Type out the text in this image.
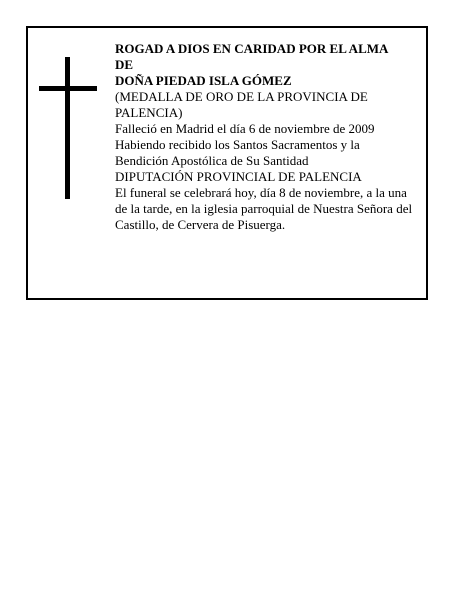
ROGAD A DIOS EN CARIDAD POR EL ALMA
DE
DOÑA PIEDAD ISLA GÓMEZ
(MEDALLA DE ORO DE LA PROVINCIA DE PALENCIA)
Falleció en Madrid el día 6 de noviembre de 2009
Habiendo recibido los Santos Sacramentos y la Bendición Apostólica de Su Santidad
DIPUTACIÓN PROVINCIAL DE PALENCIA
El funeral se celebrará hoy, día 8 de noviembre, a la una de la tarde, en la iglesia parroquial de Nuestra Señora del Castillo, de Cervera de Pisuerga.
